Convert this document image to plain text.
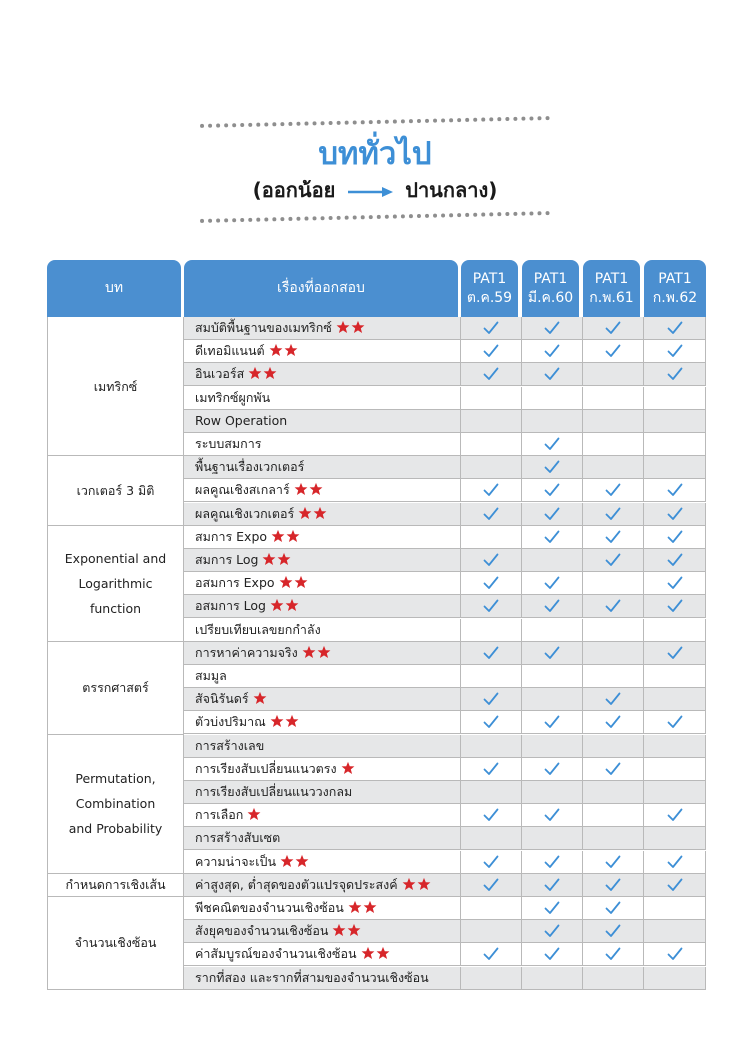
บททั่วไป
(ออกน้อย	ปานกลาง)
บท	เรื่องที่ออกสอบ
PAT1
ต.ค.59
PAT1
มี.ค.60
PAT1
ก.พ.61
PAT1
ก.พ.62
สมบัติพื้นฐานของเมทริกซ์
ดีเทอมิแนนต์
อินเวอร์ส
เมทริกซ์ผูกพัน
Row Operation
ระบบสมการ
พื้นฐานเรื่องเวกเตอร์
ผลคูณเชิงสเกลาร์
ผลคูณเชิงเวกเตอร์
สมการ Expo
สมการ Log
อสมการ Expo
อสมการ Log
เปรียบเทียบเลขยกกำลัง
การหาค่าความจริง
สมมูล
สัจนิรันดร์
ตัวบ่งปริมาณ
การสร้างเลข
การเรียงสับเปลี่ยนแนวตรง
การเรียงสับเปลี่ยนแนววงกลม
การเลือก
การสร้างสับเซต
ความน่าจะเป็น
ค่าสูงสุด, ต่ำสุดของตัวแปรจุดประสงค์
พีชคณิตของจำนวนเชิงซ้อน
สังยุคของจำนวนเชิงซ้อน
ค่าสัมบูรณ์ของจำนวนเชิงซ้อน
รากที่สอง และรากที่สามของจำนวนเชิงซ้อน
เมทริกซ์
เวกเตอร์ 3 มิติ
Exponential and Logarithmic function
ตรรกศาสตร์
Permutation, Combination and Probability
กำหนดการเชิงเส้น
จำนวนเชิงซ้อน
